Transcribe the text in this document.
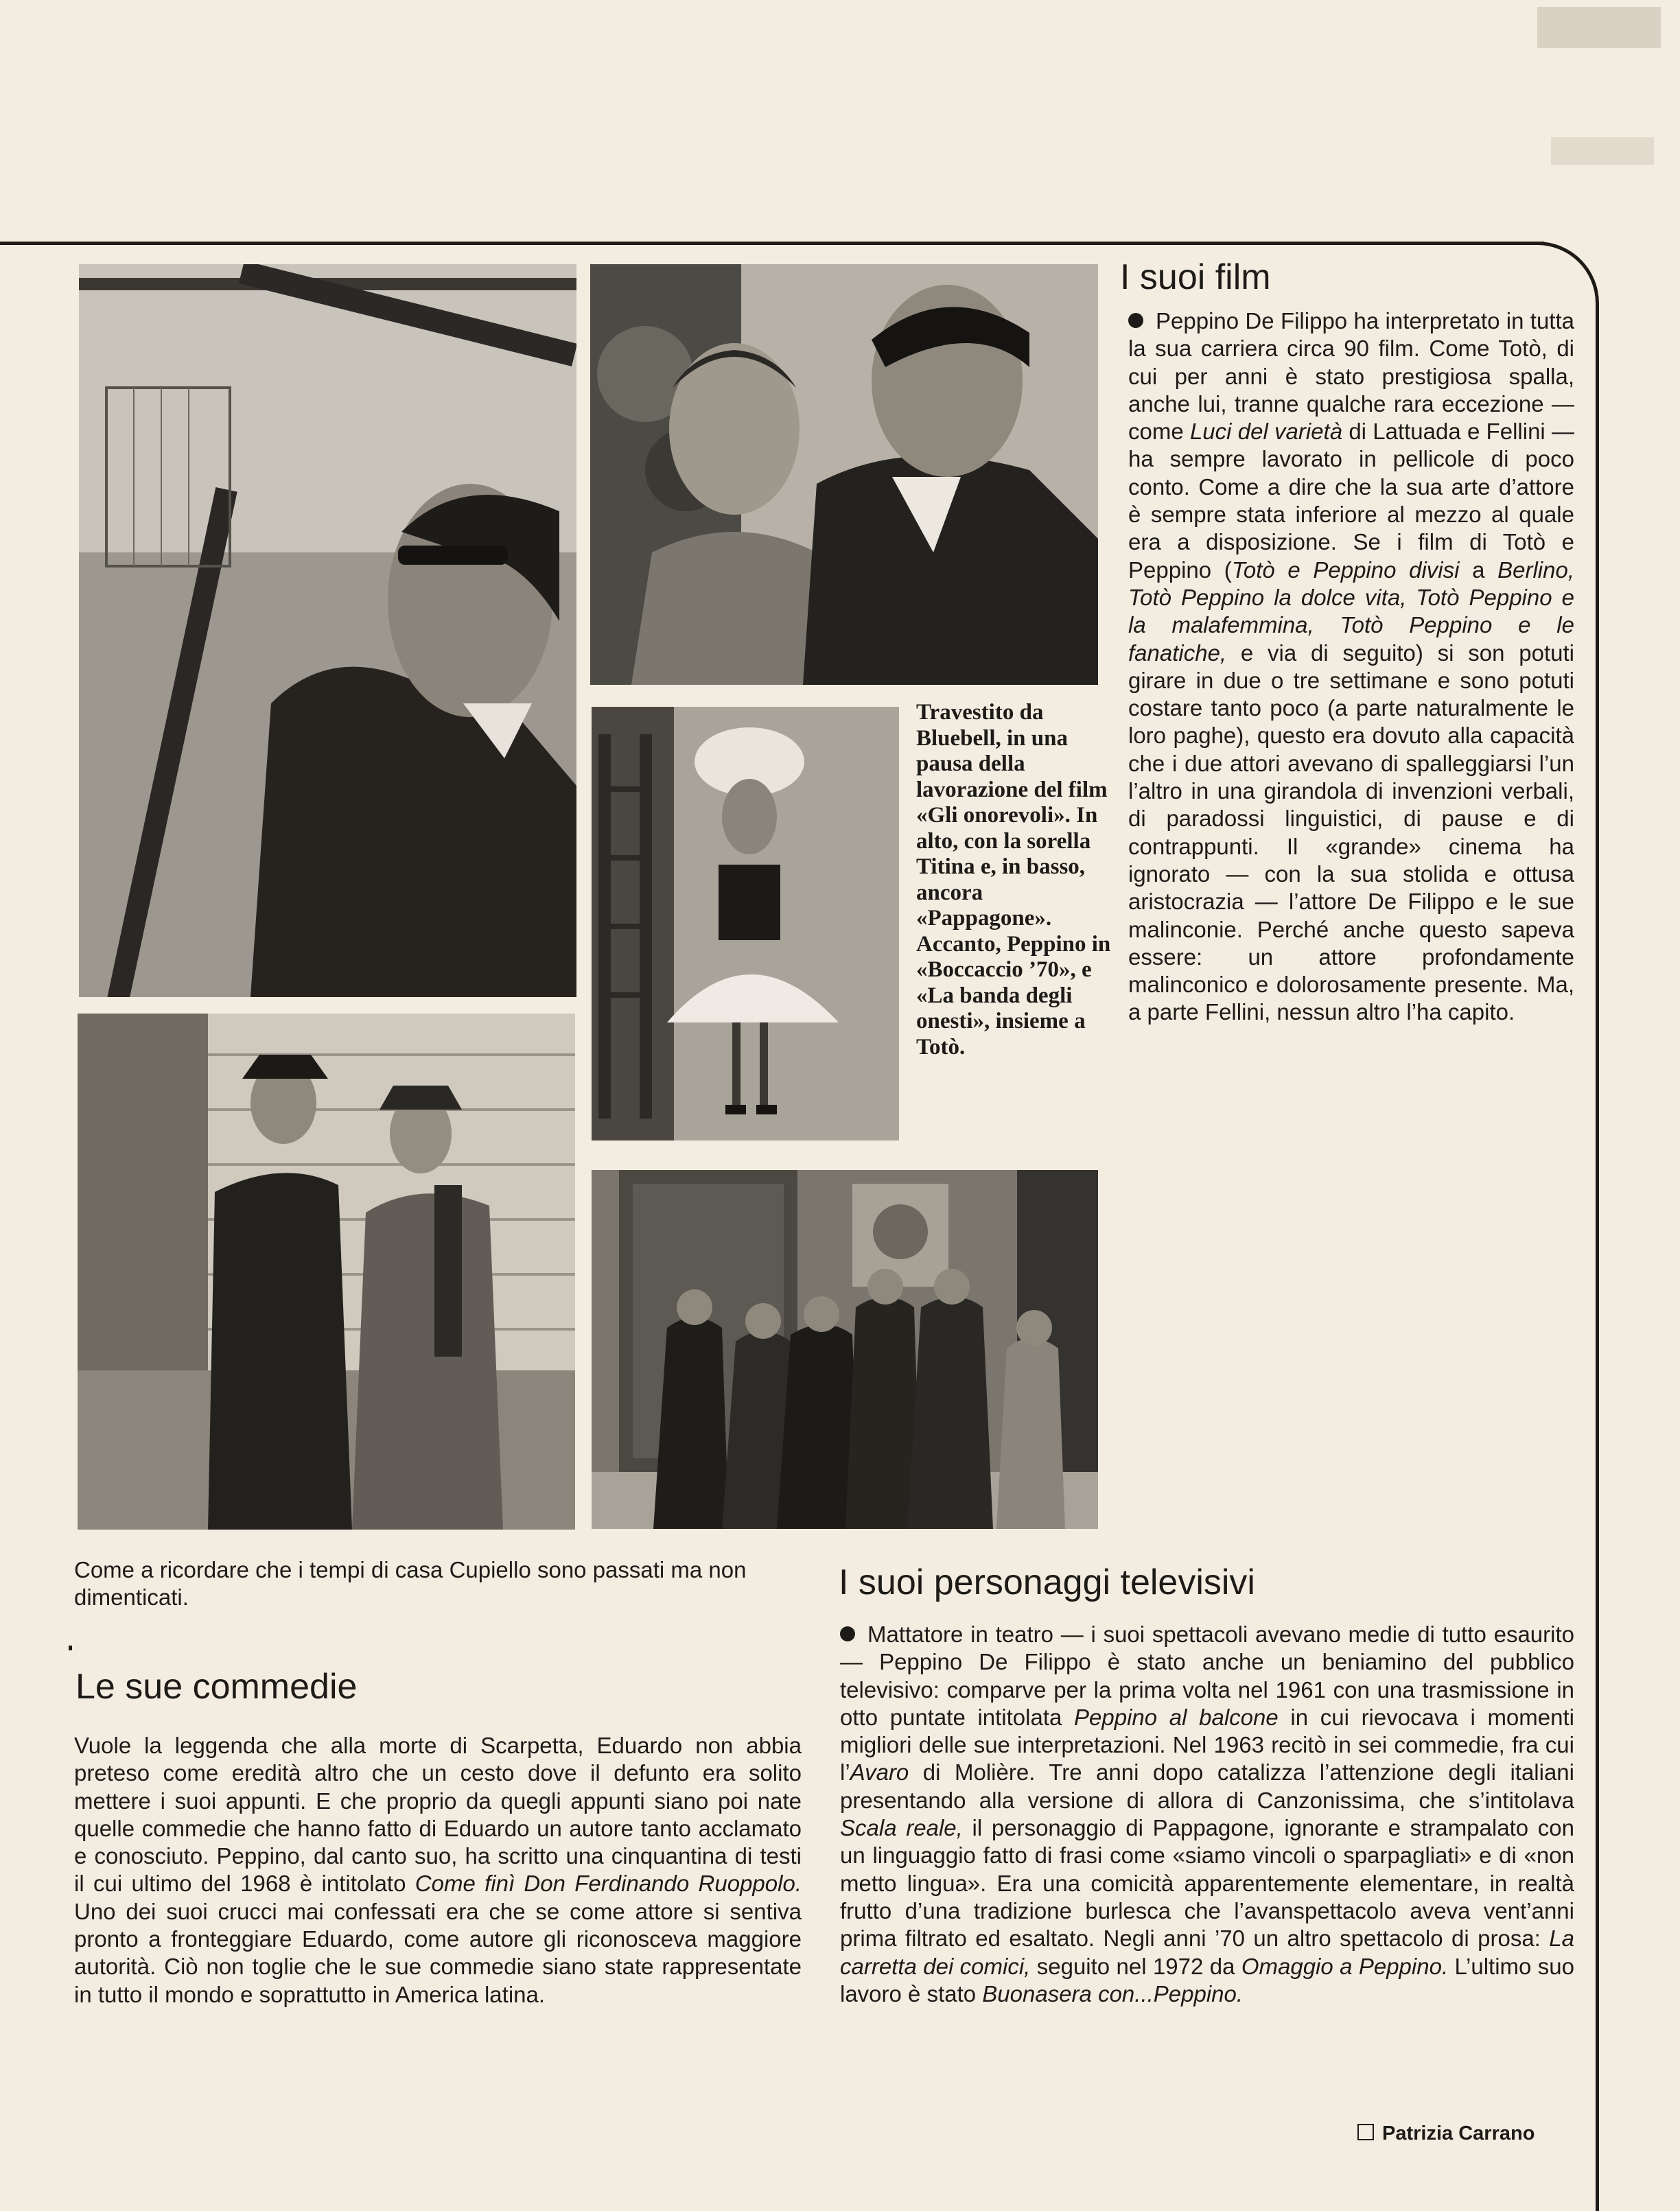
Travestito da Bluebell, in una pausa della lavorazione del film «Gli onorevoli». In alto, con la sorella Titina e, in basso, ancora «Pappagone». Accanto, Peppino in «Boccaccio ’70», e «La banda degli onesti», insieme a Totò.
I suoi film

Peppino De Filippo ha interpretato in tutta la sua carriera circa 90 film. Come Totò, di cui per anni è stato prestigiosa spalla, anche lui, tranne qualche rara eccezione — come Luci del varietà di Lattuada e Fellini — ha sempre lavorato in pellicole di poco conto. Come a dire che la sua arte d’attore è sempre stata inferiore al mezzo al quale era a disposizione. Se i film di Totò e Peppino (Totò e Peppino divisi a Berlino, Totò Peppino la dolce vita, Totò Peppino e la malafemmina, Totò Peppino e le fanatiche, e via di seguito) si son potuti girare in due o tre settimane e sono potuti costare tanto poco (a parte naturalmente le loro paghe), questo era dovuto alla capacità che i due attori avevano di spalleggiarsi l’un l’altro in una girandola di invenzioni verbali, di paradossi linguistici, di pause e di contrappunti. Il «grande» cinema ha ignorato — con la sua stolida e ottusa aristocrazia — l’attore De Filippo e le sue malinconie. Perché anche questo sapeva essere: un attore profondamente malinconico e dolorosamente presente. Ma, a parte Fellini, nessun altro l’ha capito.

Come a ricordare che i tempi di casa Cupiello sono passati ma non dimenticati.
Le sue commedie

Vuole la leggenda che alla morte di Scarpetta, Eduardo non abbia preteso come eredità altro che un cesto dove il defunto era solito mettere i suoi appunti. E che proprio da quegli appunti siano poi nate quelle commedie che hanno fatto di Eduardo un autore tanto acclamato e conosciuto. Peppino, dal canto suo, ha scritto una cinquantina di testi il cui ultimo del 1968 è intitolato Come finì Don Ferdinando Ruoppolo. Uno dei suoi crucci mai confessati era che se come attore si sentiva pronto a fronteggiare Eduardo, come autore gli riconosceva maggiore autorità. Ciò non toglie che le sue commedie siano state rappresentate in tutto il mondo e soprattutto in America latina.

I suoi personaggi televisivi

Mattatore in teatro — i suoi spettacoli avevano medie di tutto esaurito — Peppino De Filippo è stato anche un beniamino del pubblico televisivo: comparve per la prima volta nel 1961 con una trasmissione in otto puntate intitolata Peppino al balcone in cui rievocava i momenti migliori delle sue interpretazioni. Nel 1963 recitò in sei commedie, fra cui l’Avaro di Molière. Tre anni dopo catalizza l’attenzione degli italiani presentando alla versione di allora di Canzonissima, che s’intitolava Scala reale, il personaggio di Pappagone, ignorante e strampalato con un linguaggio fatto di frasi come «siamo vincoli o sparpagliati» e di «non metto lingua». Era una comicità apparentemente elementare, in realtà frutto d’una tradizione burlesca che l’avanspettacolo aveva vent’anni prima filtrato ed esaltato. Negli anni ’70 un altro spettacolo di prosa: La carretta dei comici, seguito nel 1972 da Omaggio a Peppino. L’ultimo suo lavoro è stato Buonasera con...Peppino.

Patrizia Carrano
